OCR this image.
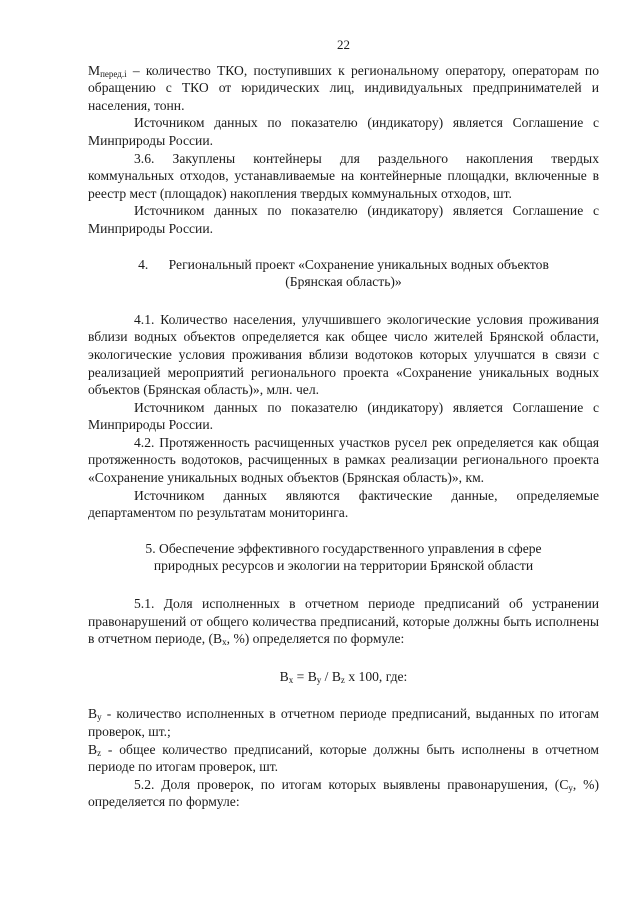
22

$M_{перед.i}$ – количество ТКО, поступивших к региональному оператору, операторам по обращению с ТКО от юридических лиц, индивидуальных предпринимателей и населения, тонн.

Источником данных по показателю (индикатору) является Соглашение с Минприроды России.

3.6. Закуплены контейнеры для раздельного накопления твердых коммунальных отходов, устанавливаемые на контейнерные площадки, включенные в реестр мест (площадок) накопления твердых коммунальных отходов, шт.

Источником данных по показателю (индикатору) является Соглашение с Минприроды России.

4.      Региональный проект «Сохранение уникальных водных объектов
(Брянская область)»

4.1. Количество населения, улучшившего экологические условия проживания вблизи водных объектов определяется как общее число жителей Брянской области, экологические условия проживания вблизи водотоков которых улучшатся в связи с реализацией мероприятий регионального проекта «Сохранение уникальных водных объектов (Брянская область)», млн. чел.

Источником данных по показателю (индикатору) является Соглашение с Минприроды России.

4.2. Протяженность расчищенных участков русел рек определяется как общая протяженность водотоков, расчищенных в рамках реализации регионального проекта «Сохранение уникальных водных объектов (Брянская область)», км.

Источником данных являются фактические данные, определяемые департаментом по результатам мониторинга.

5. Обеспечение эффективного государственного управления в сфере
природных ресурсов и экологии на территории Брянской области

5.1. Доля исполненных в отчетном периоде предписаний об устранении правонарушений от общего количества предписаний, которые должны быть исполнены в отчетном периоде, ($В_x$, %) определяется по формуле:

$B_x = B_y / B_z$ x 100, где:

$B_y$ - количество исполненных в отчетном периоде предписаний, выданных по итогам проверок, шт.;

$B_z$ - общее количество предписаний, которые должны быть исполнены в отчетном периоде по итогам проверок, шт.

5.2. Доля проверок, по итогам которых выявлены правонарушения, ($С_у$, %) определяется по формуле:
